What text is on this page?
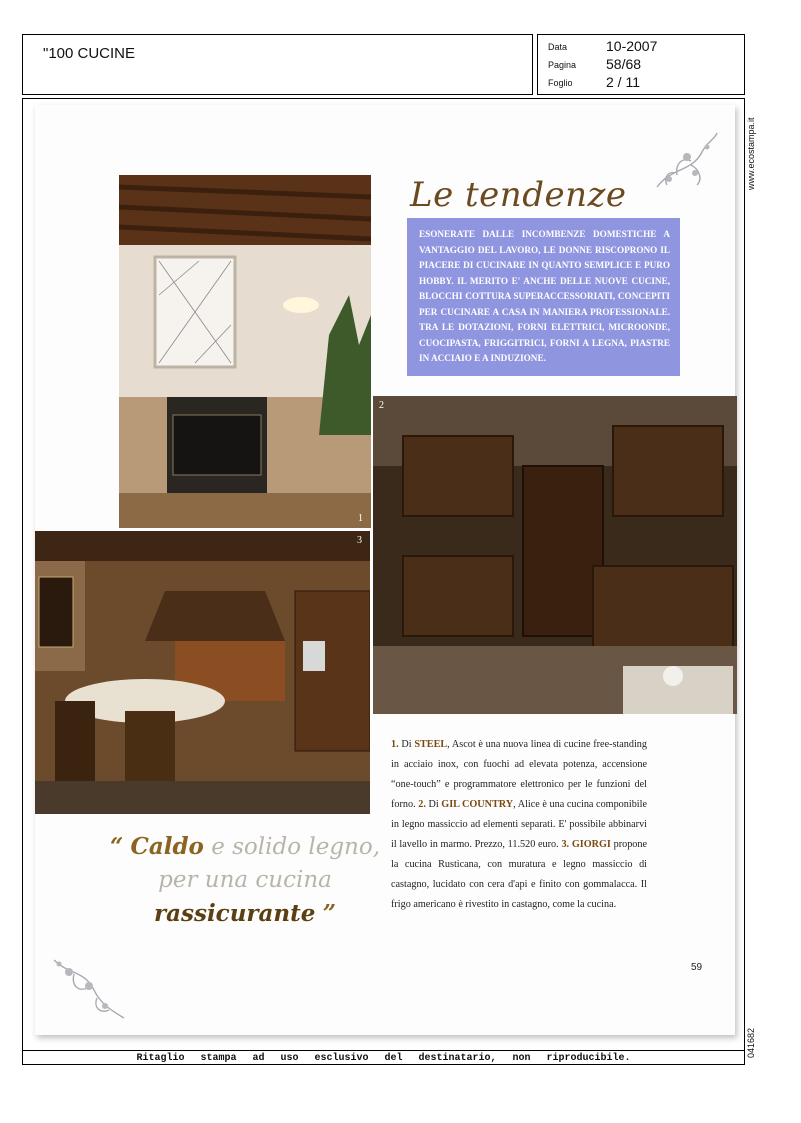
"100 CUCINE	Data	10-2007
Pagina 58/68
Foglio 2 / 11
www.ecostampa.it
041682
1
2
3
Le tendenze

ESONERATE DALLE INCOMBENZE DOMESTICHE A VANTAGGIO DEL LAVORO, LE DONNE RISCOPRONO IL PIACERE DI CUCINARE IN QUANTO SEMPLICE E PURO HOBBY. IL MERITO E' ANCHE DELLE NUOVE CUCINE, BLOCCHI COTTURA SUPERACCESSORIATI, CONCEPITI PER CUCINARE A CASA IN MANIERA PROFESSIONALE. TRA LE DOTAZIONI, FORNI ELETTRICI, MICROONDE, CUOCIPASTA, FRIGGITRICI, FORNI A LEGNA, PIASTRE IN ACCIAIO E A INDUZIONE.

“ Caldo e solido legno, per una cucina rassicurante ”

1. Di STEEL, Ascot è una nuova linea di cucine free-standing in acciaio inox, con fuochi ad elevata potenza, accensione “one-touch” e programmatore elettronico per le funzioni del forno. 2. Di GIL COUNTRY, Alice è una cucina componibile in legno massiccio ad elementi separati. E' possibile abbinarvi il lavello in marmo. Prezzo, 11.520 euro. 3. GIORGI propone la cucina Rusticana, con muratura e legno massiccio di castagno, lucidato con cera d'api e finito con gommalacca. Il frigo americano è rivestito in castagno, come la cucina.

59
Ritaglio stampa ad uso esclusivo del destinatario, non riproducibile.
